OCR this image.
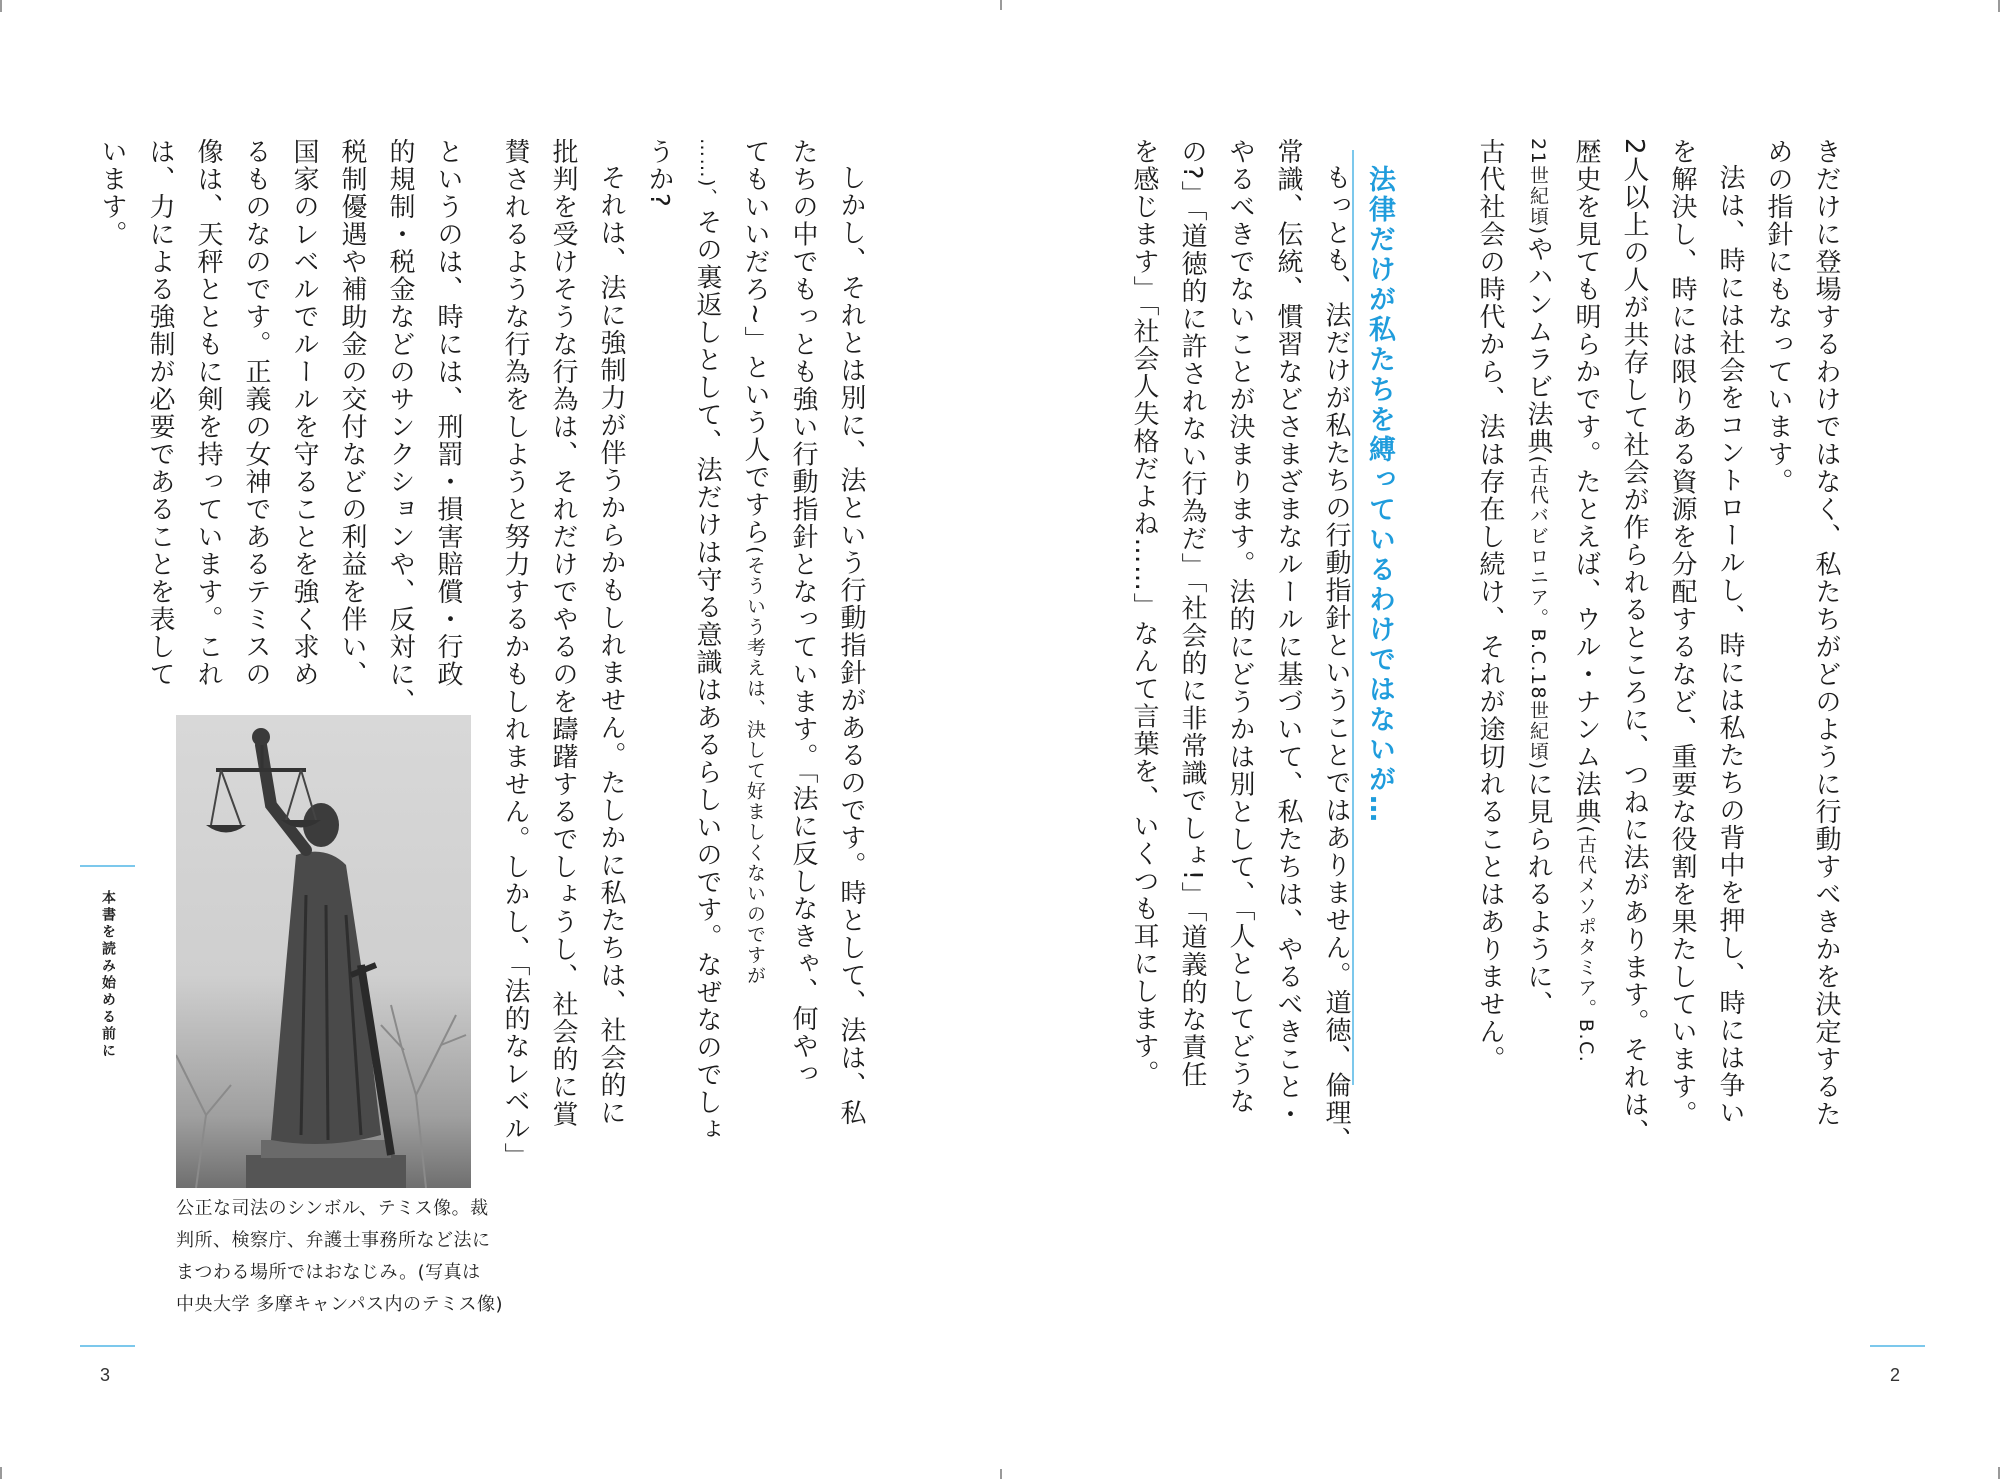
きだけに登場するわけではなく、私たちがどのように行動すべきかを決定するた

めの指針にもなっています。

法は、時には社会をコントロールし、時には私たちの背中を押し、時には争い

を解決し、時には限りある資源を分配するなど、重要な役割を果たしています。

2人以上の人が共存して社会が作られるところに、つねに法があります。それは、

歴史を見ても明らかです。たとえば、ウル・ナンム法典(古代メソポタミア。B.C.

21世紀頃)やハンムラビ法典(古代バビロニア。B.C.18世紀頃)に見られるように、

古代社会の時代から、法は存在し続け、それが途切れることはありません。

法律だけが私たちを縛っているわけではないが…

もっとも、法だけが私たちの行動指針ということではありません。道徳、倫理、

常識、伝統、慣習などさまざまなルールに基づいて、私たちは、やるべきこと・

やるべきでないことが決まります。法的にどうかは別として、「人としてどうな

の?」「道徳的に許されない行為だ」「社会的に非常識でしょ!」「道義的な責任

を感じます」「社会人失格だよね……」なんて言葉を、いくつも耳にします。

2

しかし、それとは別に、法という行動指針があるのです。時として、法は、私

たちの中でもっとも強い行動指針となっています。「法に反しなきゃ、何やっ

てもいいだろ~」という人ですら(そういう考えは、決して好ましくないのですが

……)、その裏返しとして、法だけは守る意識はあるらしいのです。なぜなのでしょ

うか?

それは、法に強制力が伴うからかもしれません。たしかに私たちは、社会的に

批判を受けそうな行為は、それだけでやるのを躊躇するでしょうし、社会的に賞

賛されるような行為をしようと努力するかもしれません。しかし、「法的なレベル」

というのは、時には、刑罰・損害賠償・行政

的規制・税金などのサンクションや、反対に、

税制優遇や補助金の交付などの利益を伴い、

国家のレベルでルールを守ることを強く求め

るものなのです。正義の女神であるテミスの

像は、天秤とともに剣を持っています。これ

は、力による強制が必要であることを表して

います。

公正な司法のシンボル、テミス像。裁
判所、検察庁、弁護士事務所など法に
まつわる場所ではおなじみ。(写真は
中央大学 多摩キャンパス内のテミス像)
本書を読み始める前に
3
